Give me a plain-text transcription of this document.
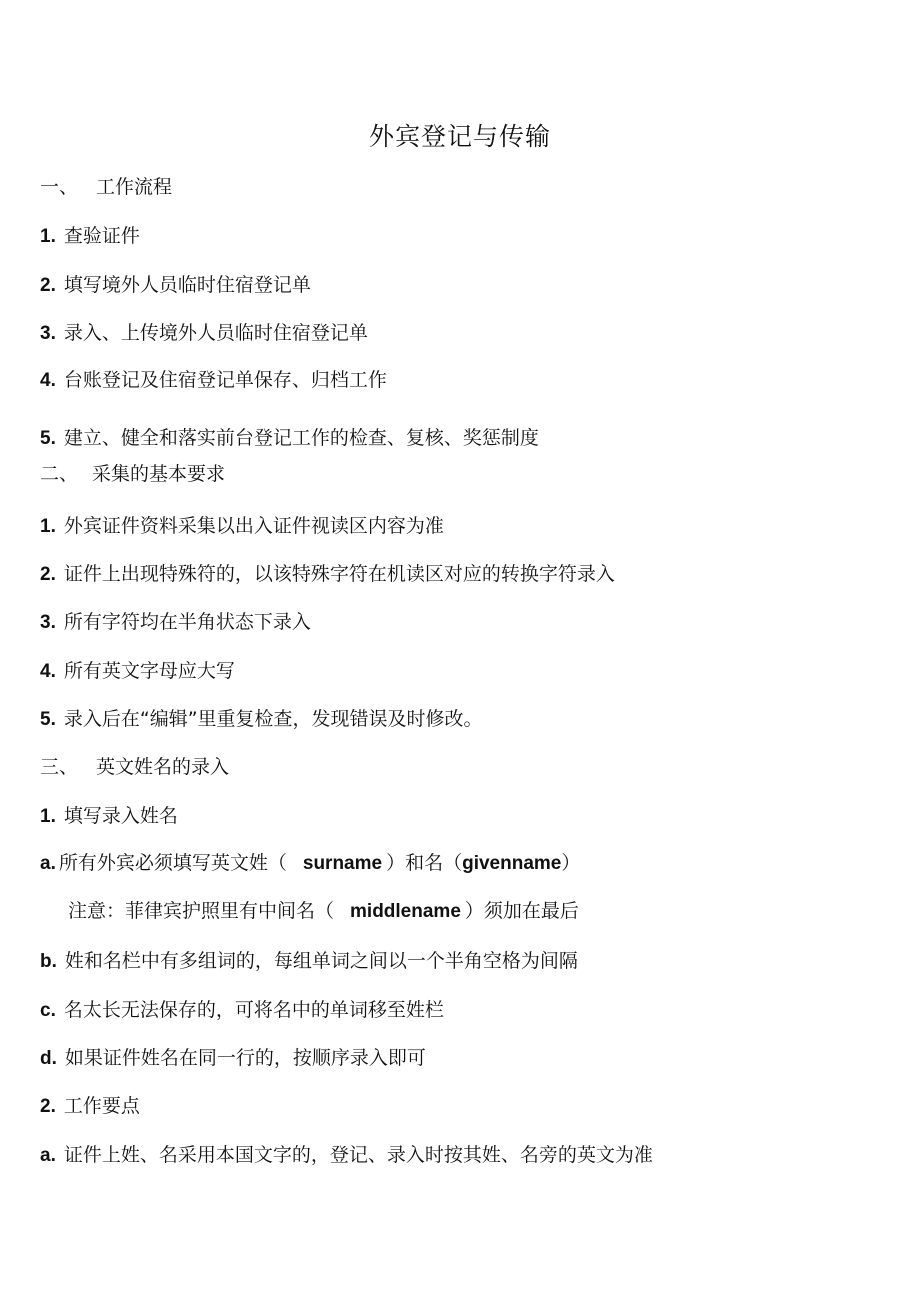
外宾登记与传输
一、 工作流程
1. 查验证件
2. 填写境外人员临时住宿登记单
3. 录入、上传境外人员临时住宿登记单
4. 台账登记及住宿登记单保存、归档工作
5. 建立、健全和落实前台登记工作的检查、复核、奖惩制度
二、 采集的基本要求
1. 外宾证件资料采集以出入证件视读区内容为准
2. 证件上出现特殊符的，以该特殊字符在机读区对应的转换字符录入
3. 所有字符均在半角状态下录入
4. 所有英文字母应大写
5. 录入后在“编辑”里重复检查，发现错误及时修改。
三、 英文姓名的录入
1. 填写录入姓名
a. 所有外宾必须填写英文姓（ surname ）和名（givenname）
注意：菲律宾护照里有中间名（ middlename ）须加在最后
b. 姓和名栏中有多组词的，每组单词之间以一个半角空格为间隔
c. 名太长无法保存的，可将名中的单词移至姓栏
d. 如果证件姓名在同一行的，按顺序录入即可
2. 工作要点
a. 证件上姓、名采用本国文字的，登记、录入时按其姓、名旁的英文为准
